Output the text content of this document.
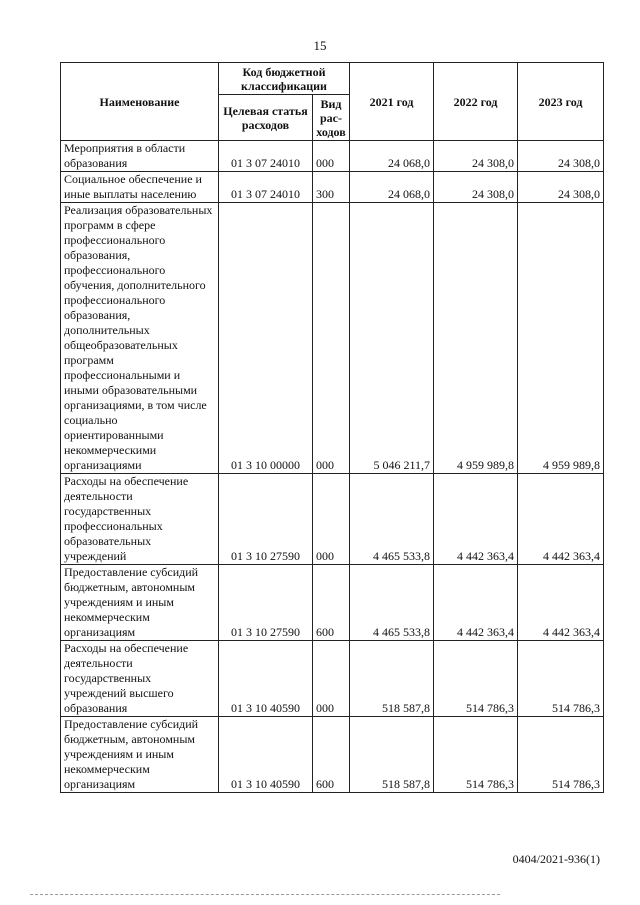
15
Наименование	Код бюджетной классификации		2021 год	2022 год	2023 год
	Целевая статья расходов	Вид рас-ходов			
Мероприятия в области образования	01 3 07 24010	000	24 068,0	24 308,0	24 308,0
Социальное обеспечение и иные выплаты населению	01 3 07 24010	300	24 068,0	24 308,0	24 308,0
Реализация образовательных программ в сфере профессионального образования, профессионального обучения, дополнительного профессионального образования, дополнительных общеобразовательных программ профессиональными и иными образовательными организациями, в том числе социально ориентированными некоммерческими организациями	01 3 10 00000	000	5 046 211,7	4 959 989,8	4 959 989,8
Расходы на обеспечение деятельности государственных профессиональных образовательных учреждений	01 3 10 27590	000	4 465 533,8	4 442 363,4	4 442 363,4
Предоставление субсидий бюджетным, автономным учреждениям и иным некоммерческим организациям	01 3 10 27590	600	4 465 533,8	4 442 363,4	4 442 363,4
Расходы на обеспечение деятельности государственных учреждений высшего образования	01 3 10 40590	000	518 587,8	514 786,3	514 786,3
Предоставление субсидий бюджетным, автономным учреждениям и иным некоммерческим организациям	01 3 10 40590	600	518 587,8	514 786,3	514 786,3
0404/2021-936(1)
